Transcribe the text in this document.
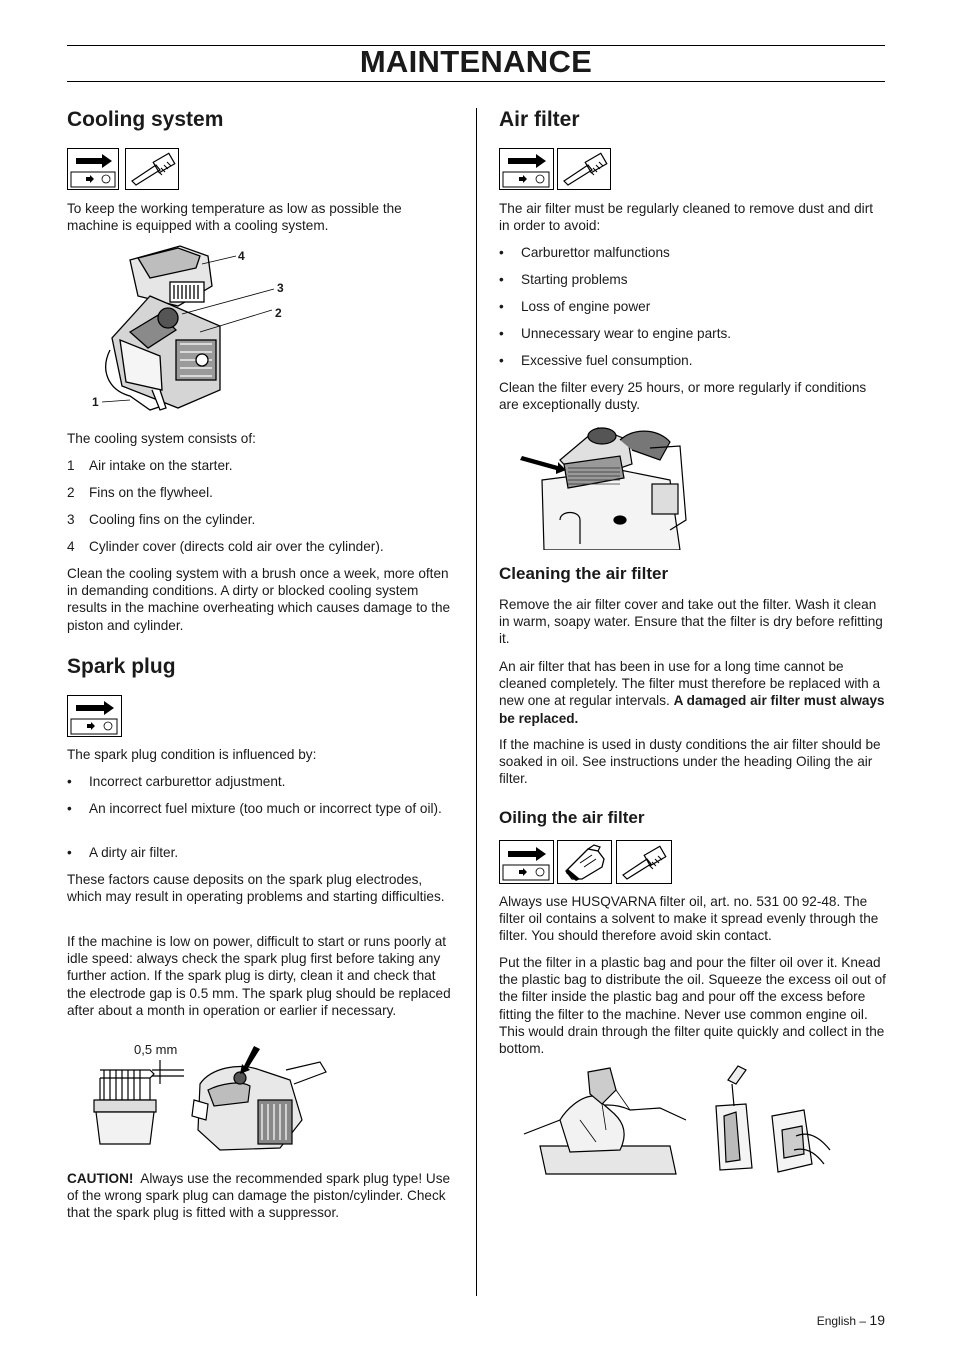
MAINTENANCE
Cooling system

To keep the working temperature as low as possible the machine is equipped with a cooling system.

4
3
2
1

The cooling system consists of:

1 Air intake on the starter.
2 Fins on the flywheel.
3 Cooling fins on the cylinder.
4 Cylinder cover (directs cold air over the cylinder).

Clean the cooling system with a brush once a week, more often in demanding conditions. A dirty or blocked cooling system results in the machine overheating which causes damage to the piston and cylinder.

Spark plug

The spark plug condition is influenced by:

• Incorrect carburettor adjustment.
• An incorrect fuel mixture (too much or incorrect type of oil).
• A dirty air filter.

These factors cause deposits on the spark plug electrodes, which may result in operating problems and starting difficulties.

If the machine is low on power, difficult to start or runs poorly at idle speed: always check the spark plug first before taking any further action. If the spark plug is dirty, clean it and check that the electrode gap is 0.5 mm. The spark plug should be replaced after about a month in operation or earlier if necessary.

0,5 mm

CAUTION! Always use the recommended spark plug type! Use of the wrong spark plug can damage the piston/cylinder. Check that the spark plug is fitted with a suppressor.

Air filter

The air filter must be regularly cleaned to remove dust and dirt in order to avoid:

• Carburettor malfunctions
• Starting problems
• Loss of engine power
• Unnecessary wear to engine parts.
• Excessive fuel consumption.

Clean the filter every 25 hours, or more regularly if conditions are exceptionally dusty.

Cleaning the air filter

Remove the air filter cover and take out the filter. Wash it clean in warm, soapy water. Ensure that the filter is dry before refitting it.

An air filter that has been in use for a long time cannot be cleaned completely. The filter must therefore be replaced with a new one at regular intervals. A damaged air filter must always be replaced.

If the machine is used in dusty conditions the air filter should be soaked in oil. See instructions under the heading Oiling the air filter.

Oiling the air filter

Always use HUSQVARNA filter oil, art. no. 531 00 92-48. The filter oil contains a solvent to make it spread evenly through the filter. You should therefore avoid skin contact.

Put the filter in a plastic bag and pour the filter oil over it. Knead the plastic bag to distribute the oil. Squeeze the excess oil out of the filter inside the plastic bag and pour off the excess before fitting the filter to the machine. Never use common engine oil. This would drain through the filter quite quickly and collect in the bottom.

English – 19
